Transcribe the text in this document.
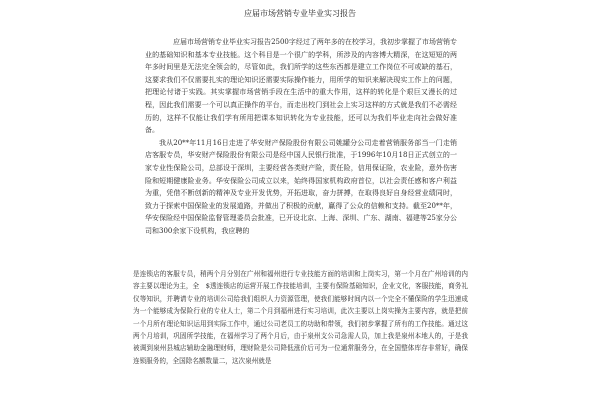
应届市场营销专业毕业实习报告

应届市场营销专业毕业实习报告2500字经过了两年多的在校学习，我初步掌握了市场营销专业的基础知识和基本专业技能。这个科目是一个很广的学科，所涉及的内容博大精深，在这短短的两年多时间里是无法完全领会的，尽管如此，我们所学的这些东西都是建立工作岗位不可或缺的基石，这要求我们不仅需要扎实的理论知识还需要实际操作能力，用所学的知识来解决现实工作上的问题，把理论付诸于实践。其实掌握市场营销手段在生活中的重大作用，这样的转化是个艰巨又漫长的过程，因此我们需要一个可以真正操作的平台，而走出校门到社会上实习这样的方式就是我们不必需经历的，这样不仅能让我们学有所用把课本知识转化为专业技能，还可以为我们毕业走向社会做好准备。

我从20**年11月16日走进了华安财产保险股份有限公司姚罐分公司走着营销服务部当一门走销店客服专员，华安财产保险股份有限公司是经中国人民银行批准，于1996年10月18日正式创立的一家专业性保险公司，总部设于深圳，主要经营各类财产险，责任险，信用保证险，农业险，意外伤害险和短期健康险业务。华安保险公司成立以来，始终得国家机构政府首位，以社会责任感和客户利益为重，凭借不断创新的精神及专业开发优势，开拓进取，奋力拼搏，在取得良好自身经营业绩同时，致力于探索中国保险业的发展道路，并做出了积极的贡献，赢得了公众的信赖和支持。截至20**年，华安保险经中国保险监督管理委员会批准，已开设北京、上海、深圳、广东、湖南、福建等25家分公司和300余家下设机构，我应聘的

是连锁店的客服专员，稍两个月分别在广州和福州进行专业技能方面的培训和上岗实习，第一个月在广州培训的内容主要以理论为主，全　$透连锁店的运营开展工作技能培训，主要有保险基础知识，企业文化，客服技能，商务礼仪等知识，并聘请专业的培训公司给我们组织人力资源管理，使我们能够时间内以一个完全不懂保险的学生迅速成为一个能够成为保险行业的专业人士，第二个月到福州进行实习培训，此次主要以上岗实操为主要内容，就是把前一个月所有理论知识运用到实际工作中，通过公司老员工的功助和带领，我们初步掌握了所有的工作技能。通过这两个月培训，巩固所学技能，在福州学习了两个月后，由于泉州支公司急需人员，加上我是泉州本地人的，于是我被调到泉州县城店辅助金融理财师，理财险是公司降低涨价后可为一位通常服务分，在全国整体库存非常好，确保连锁服务的，全国除名额数量二，这次泉州就是
